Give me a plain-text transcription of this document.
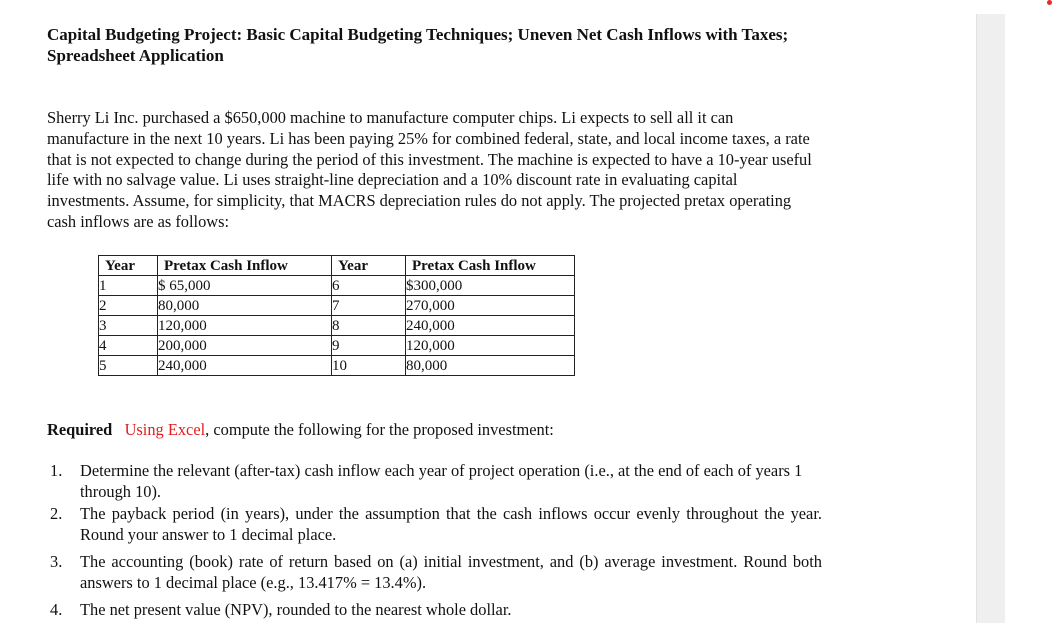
Capital Budgeting Project: Basic Capital Budgeting Techniques; Uneven Net Cash Inflows with Taxes; Spreadsheet Application
Sherry Li Inc. purchased a $650,000 machine to manufacture computer chips. Li expects to sell all it can manufacture in the next 10 years. Li has been paying 25% for combined federal, state, and local income taxes, a rate that is not expected to change during the period of this investment. The machine is expected to have a 10-year useful life with no salvage value. Li uses straight-line depreciation and a 10% discount rate in evaluating capital investments. Assume, for simplicity, that MACRS depreciation rules do not apply. The projected pretax operating cash inflows are as follows:
Year	Pretax Cash Inflow	Year	Pretax Cash Inflow
1	$ 65,000	6	$300,000
2	80,000	7	270,000
3	120,000	8	240,000
4	200,000	9	120,000
5	240,000	10	80,000
Required Using Excel, compute the following for the proposed investment:
1. Determine the relevant (after-tax) cash inflow each year of project operation (i.e., at the end of each of years 1 through 10).
2. The payback period (in years), under the assumption that the cash inflows occur evenly throughout the year. Round your answer to 1 decimal place.
3. The accounting (book) rate of return based on (a) initial investment, and (b) average investment. Round both answers to 1 decimal place (e.g., 13.417% = 13.4%).
4. The net present value (NPV), rounded to the nearest whole dollar.
